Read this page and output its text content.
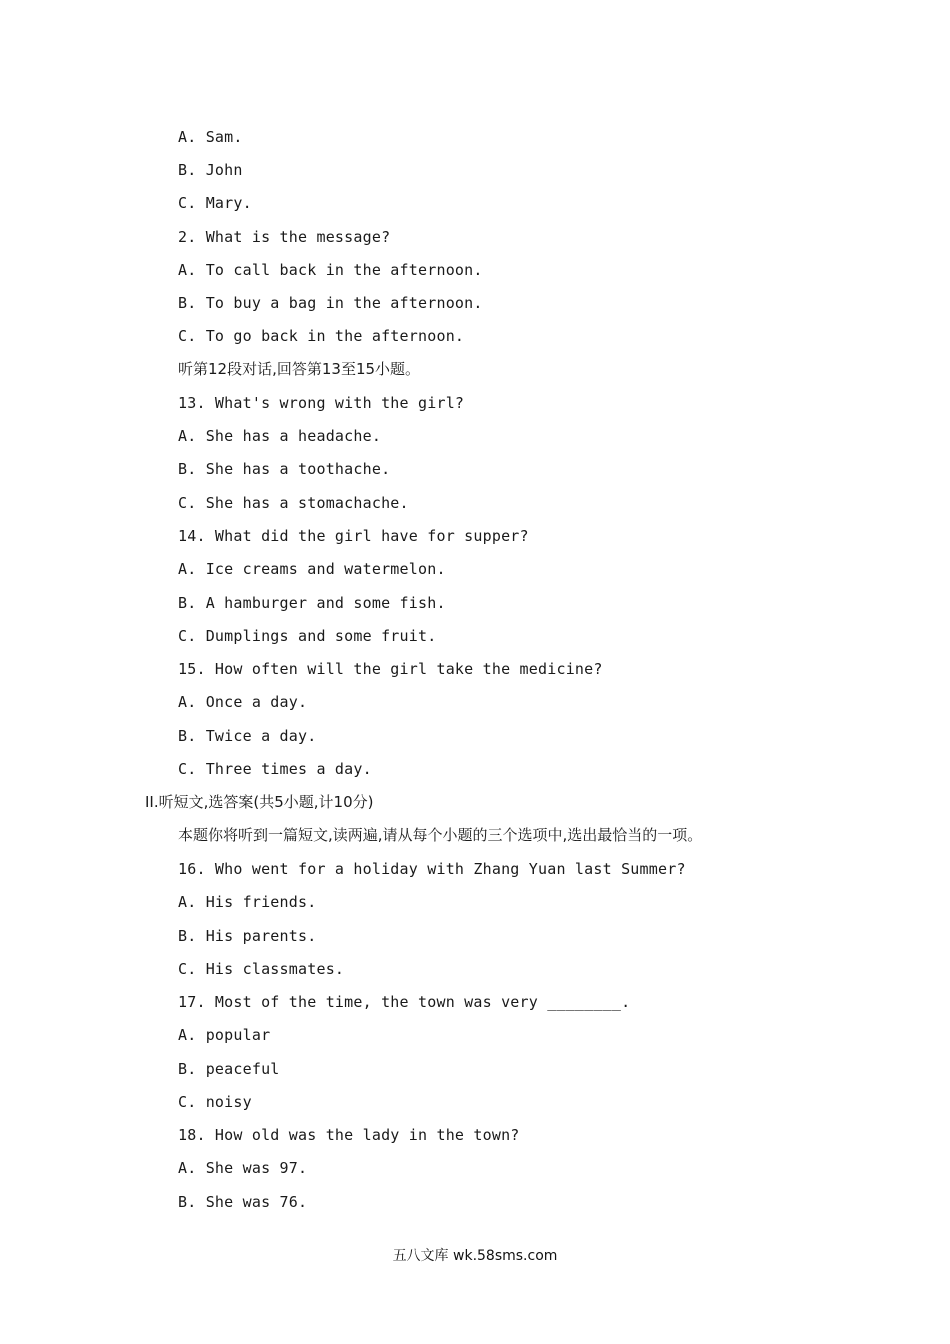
A. Sam.
B. John
C. Mary.
2. What is the message?
A. To call back in the afternoon.
B. To buy a bag in the afternoon.
C. To go back in the afternoon.
听第12段对话,回答第13至15小题。
13. What's wrong with the girl?
A. She has a headache.
B. She has a toothache.
C. She has a stomachache.
14. What did the girl have for supper?
A. Ice creams and watermelon.
B. A hamburger and some fish.
C. Dumplings and some fruit.
15. How often will the girl take the medicine?
A. Once a day.
B. Twice a day.
C. Three times a day.
II.听短文,选答案(共5小题,计10分)
本题你将听到一篇短文,读两遍,请从每个小题的三个选项中,选出最恰当的一项。
16. Who went for a holiday with Zhang Yuan last Summer?
A. His friends.
B. His parents.
C. His classmates.
17. Most of the time, the town was very ________.
A. popular
B. peaceful
C. noisy
18. How old was the lady in the town?
A. She was 97.
B. She was 76.
五八文库 wk.58sms.com
